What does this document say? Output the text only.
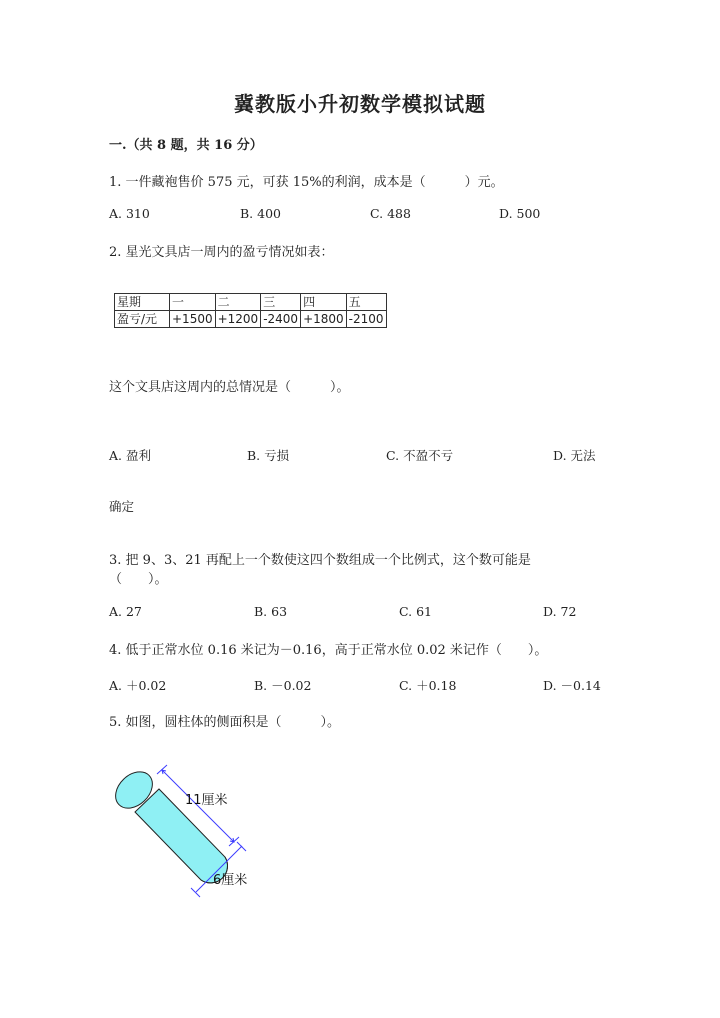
冀教版小升初数学模拟试题
一.（共 8 题，共 16 分）
1. 一件藏袍售价 575 元，可获 15%的利润，成本是（　　　）元。
A. 310	B. 400	C. 488	D. 500
2. 星光文具店一周内的盈亏情况如表：
星期	一	二	三	四	五
盈亏/元	+1500	+1200	-2400	+1800	-2100
这个文具店这周内的总情况是（　　　）。
A. 盈利	B. 亏损	C. 不盈不亏	D. 无法
确定
3. 把 9、3、21 再配上一个数使这四个数组成一个比例式，这个数可能是
（　　）。
A. 27	B. 63	C. 61	D. 72
4. 低于正常水位 0.16 米记为－0.16，高于正常水位 0.02 米记作（　　）。
A. ＋0.02	B. －0.02	C. ＋0.18	D. －0.14
5. 如图，圆柱体的侧面积是（　　　）。
11厘米
6厘米
